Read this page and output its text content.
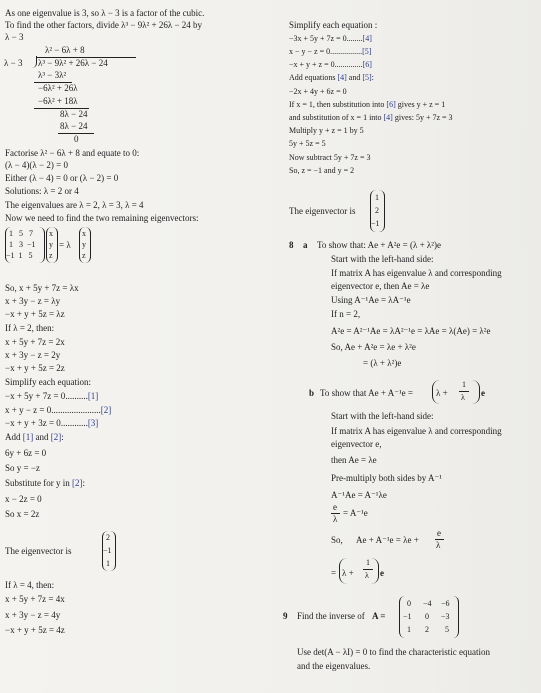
As one eigenvalue is 3, so λ − 3 is a factor of the cubic.
To find the other factors, divide λ³ − 9λ² + 26λ − 24 by
λ − 3
λ² − 6λ + 8
λ − 3 λ³ − 9λ² + 26λ − 24
λ³ − 3λ²
−6λ² + 26λ
−6λ² + 18λ
8λ − 24
8λ − 24
0
Factorise λ² − 6λ + 8 and equate to 0:
(λ − 4)(λ − 2) = 0
Either (λ − 4) = 0 or (λ − 2) = 0
Solutions: λ = 2 or 4
The eigenvalues are λ = 2, λ = 3, λ = 4
Now we need to find the two remaining eigenvectors:
1 5 7
1 3 −1
−1 1 5
x
y
z
= λ
x
y
z
So, x + 5y + 7z = λx
x + 3y − z = λy
−x + y + 5z = λz
If λ = 2, then:
x + 5y + 7z = 2x
x + 3y − z = 2y
−x + y + 5z = 2z
Simplify each equation:
−x + 5y + 7z = 0..........[1]
x + y − z = 0......................[2]
−x + y + 3z = 0............[3]
Add [1] and [2]:
6y + 6z = 0
So y = −z
Substitute for y in [2]:
x − 2z = 0
So x = 2z
The eigenvector is
2
−1
1
If λ = 4, then:
x + 5y + 7z = 4x
x + 3y − z = 4y
−x + y + 5z = 4z
Simplify each equation :
−3x + 5y + 7z = 0........[4]
x − y − z = 0................[5]
−x + y + z = 0..............[6]
Add equations [4] and [5]:
−2x + 4y + 6z = 0
If x = 1, then substitution into [6] gives y + z = 1
and substitution of x = 1 into [4] gives: 5y + 7z = 3
Multiply y + z = 1 by 5
5y + 5z = 5
Now subtract 5y + 7z = 3
So, z = −1 and y = 2
The eigenvector is
1
2
−1
8 a To show that: Ae + A²e = (λ + λ²)e
Start with the left-hand side:
If matrix A has eigenvalue λ and corresponding
eigenvector e, then Ae = λe
Using A⁻¹Ae = λA⁻¹e
If n = 2,
A²e = A²⁻¹Ae = λA²⁻¹e = λAe = λ(Ae) = λ²e
So, Ae + A²e = λe + λ²e
= (λ + λ²)e
b To show that Ae + A⁻¹e =	λ +
1
λ e
Start with the left-hand side:
If matrix A has eigenvalue λ and corresponding
eigenvector e,
then Ae = λe
Pre-multiply both sides by A⁻¹
A⁻¹Ae = A⁻¹λe
e
λ
= A⁻¹e
So, Ae + A⁻¹e = λe +
e
λ
= λ +
1
λ e
9 Find the inverse of A =
0 −4 −6
−1 0 −3
1 2 5
Use det(A − λI) = 0 to find the characteristic equation
and the eigenvalues.
